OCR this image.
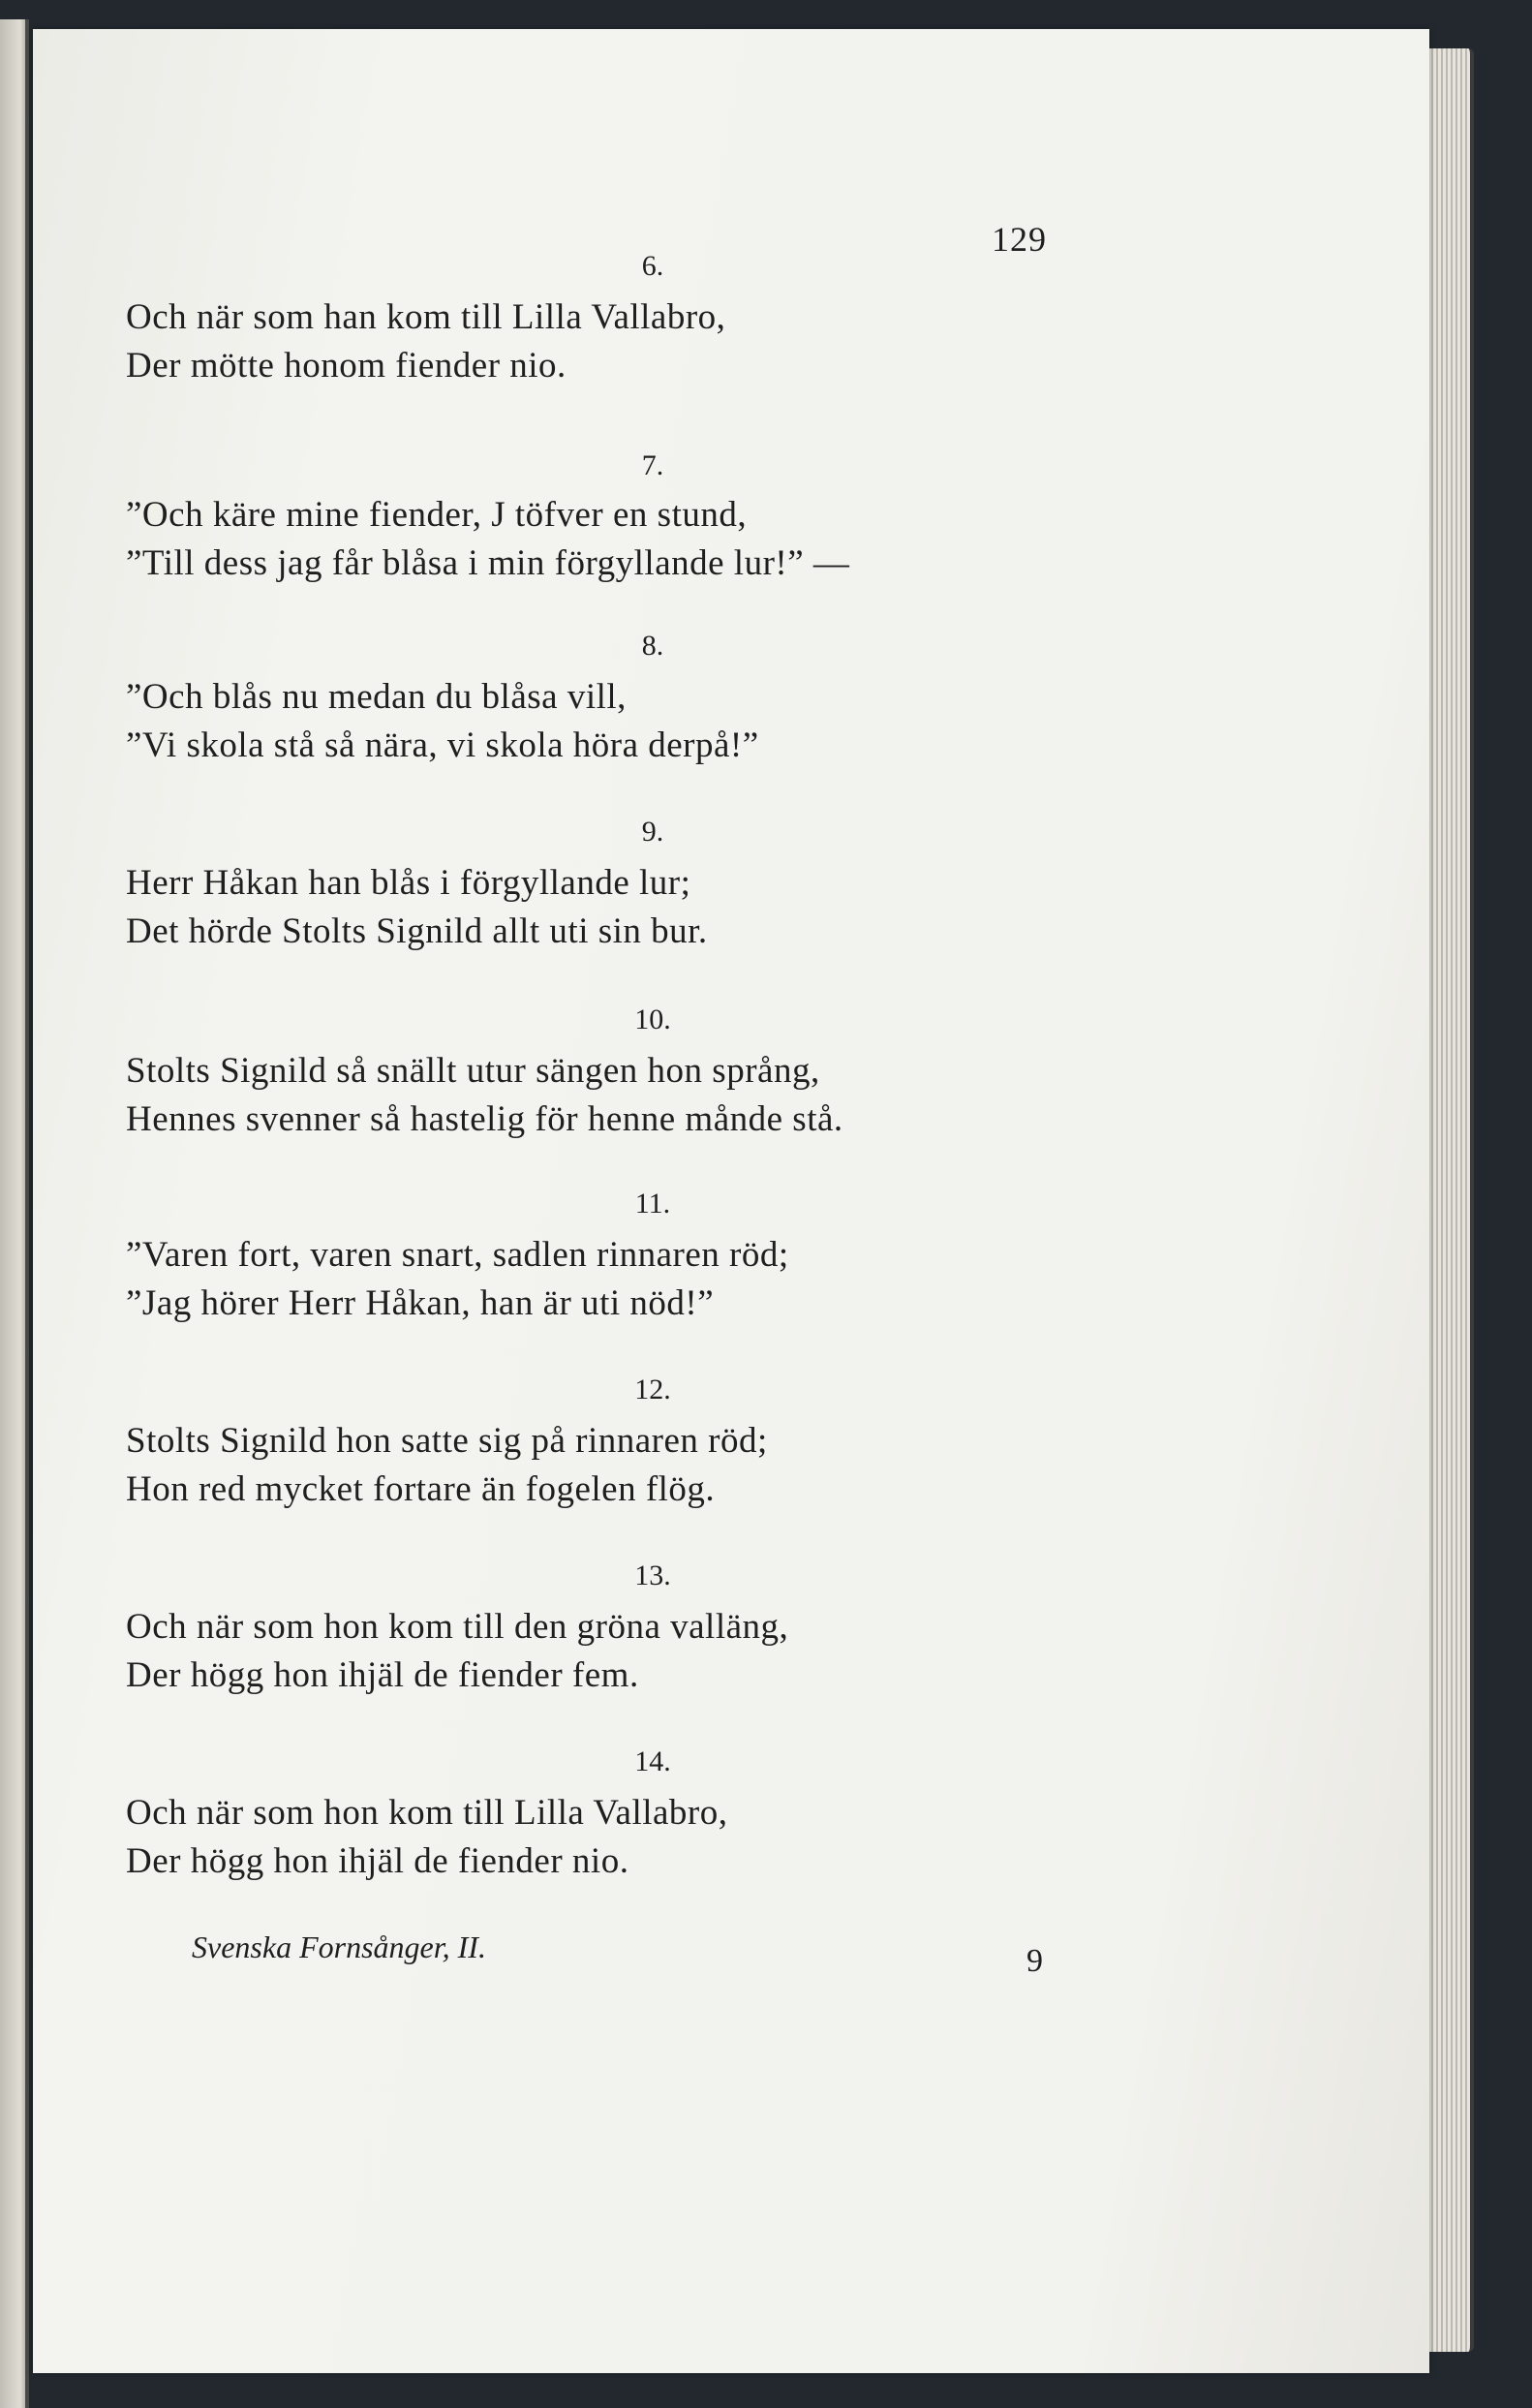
129
6.
Och när som han kom till Lilla Vallabro,
Der mötte honom fiender nio.
7.
”Och käre mine fiender, J töfver en stund,
”Till dess jag får blåsa i min förgyllande lur!” —
8.
”Och blås nu medan du blåsa vill,
”Vi skola stå så nära, vi skola höra derpå!”
9.
Herr Håkan han blås i förgyllande lur;
Det hörde Stolts Signild allt uti sin bur.
10.
Stolts Signild så snällt utur sängen hon språng,
Hennes svenner så hastelig för henne månde stå.
11.
”Varen fort, varen snart, sadlen rinnaren röd;
”Jag hörer Herr Håkan, han är uti nöd!”
12.
Stolts Signild hon satte sig på rinnaren röd;
Hon red mycket fortare än fogelen flög.
13.
Och när som hon kom till den gröna valläng,
Der högg hon ihjäl de fiender fem.
14.
Och när som hon kom till Lilla Vallabro,
Der högg hon ihjäl de fiender nio.
Svenska Fornsånger, II.	9
